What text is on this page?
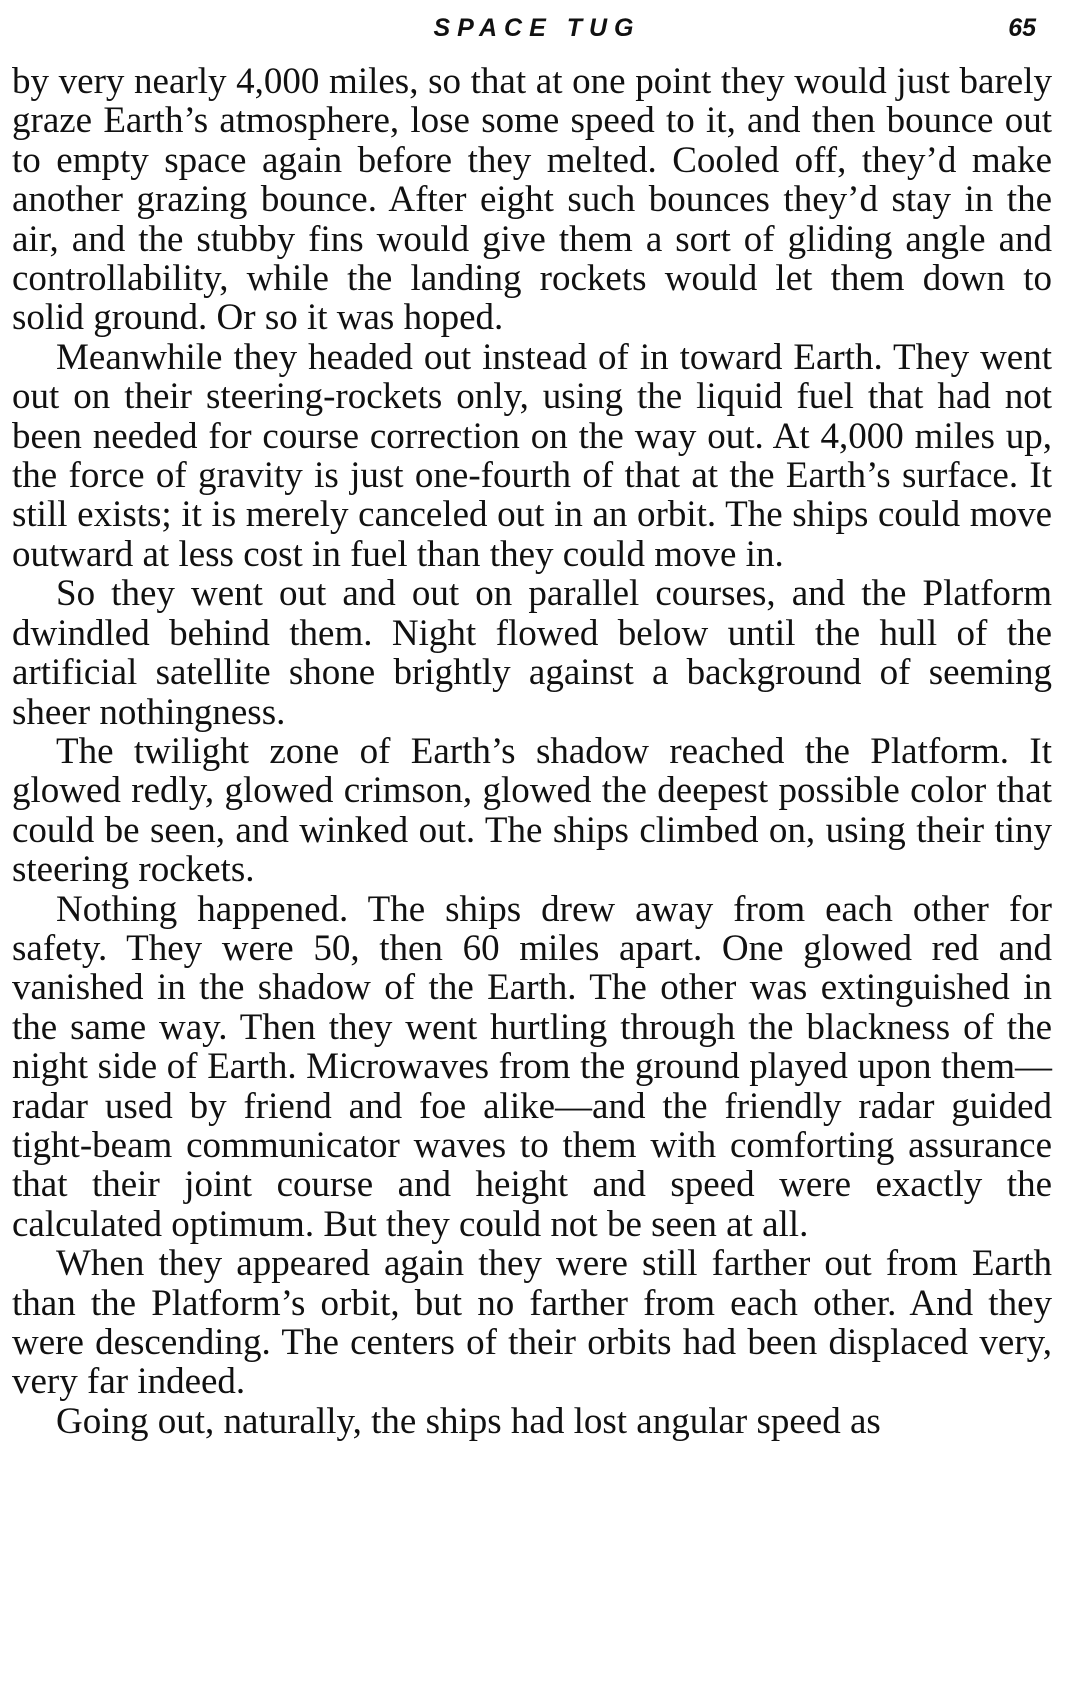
SPACE TUG	65

by very nearly 4,000 miles, so that at one point they would just barely graze Earth’s atmosphere, lose some speed to it, and then bounce out to empty space again before they melted. Cooled off, they’d make another grazing bounce. After eight such bounces they’d stay in the air, and the stubby fins would give them a sort of gliding angle and controllability, while the landing rockets would let them down to solid ground. Or so it was hoped.

Meanwhile they headed out instead of in toward Earth. They went out on their steering-rockets only, using the liquid fuel that had not been needed for course correction on the way out. At 4,000 miles up, the force of gravity is just one-fourth of that at the Earth’s surface. It still exists; it is merely canceled out in an orbit. The ships could move outward at less cost in fuel than they could move in.

So they went out and out on parallel courses, and the Platform dwindled behind them. Night flowed below until the hull of the artificial satellite shone brightly against a background of seeming sheer nothingness.

The twilight zone of Earth’s shadow reached the Platform. It glowed redly, glowed crimson, glowed the deepest possible color that could be seen, and winked out. The ships climbed on, using their tiny steering rockets.

Nothing happened. The ships drew away from each other for safety. They were 50, then 60 miles apart. One glowed red and vanished in the shadow of the Earth. The other was extinguished in the same way. Then they went hurtling through the blackness of the night side of Earth. Microwaves from the ground played upon them—radar used by friend and foe alike—and the friendly radar guided tight-beam communicator waves to them with comforting assurance that their joint course and height and speed were exactly the calculated optimum. But they could not be seen at all.

When they appeared again they were still farther out from Earth than the Platform’s orbit, but no farther from each other. And they were descending. The centers of their orbits had been displaced very, very far indeed.

Going out, naturally, the ships had lost angular speed as
